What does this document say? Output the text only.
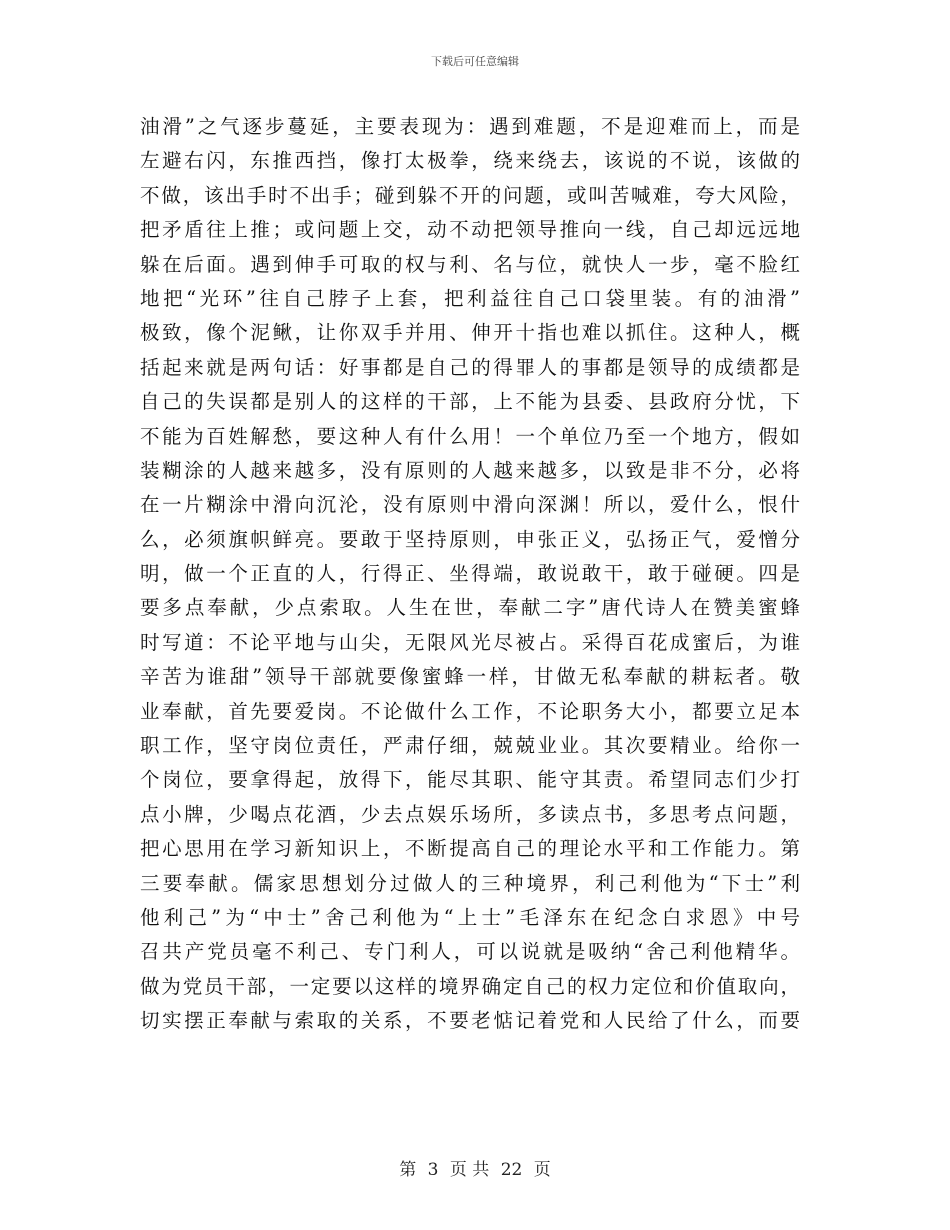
下载后可任意编辑
油滑”之气逐步蔓延，主要表现为：遇到难题，不是迎难而上，而是
左避右闪，东推西挡，像打太极拳，绕来绕去，该说的不说，该做的
不做，该出手时不出手；碰到躲不开的问题，或叫苦喊难，夸大风险，
把矛盾往上推；或问题上交，动不动把领导推向一线，自己却远远地
躲在后面。遇到伸手可取的权与利、名与位，就快人一步，毫不脸红
地把“光环”往自己脖子上套，把利益往自己口袋里装。有的油滑”
极致，像个泥鳅，让你双手并用、伸开十指也难以抓住。这种人，概
括起来就是两句话：好事都是自己的得罪人的事都是领导的成绩都是
自己的失误都是别人的这样的干部，上不能为县委、县政府分忧，下
不能为百姓解愁，要这种人有什么用！一个单位乃至一个地方，假如
装糊涂的人越来越多，没有原则的人越来越多，以致是非不分，必将
在一片糊涂中滑向沉沦，没有原则中滑向深渊！所以，爱什么，恨什
么，必须旗帜鲜亮。要敢于坚持原则，申张正义，弘扬正气，爱憎分
明，做一个正直的人，行得正、坐得端，敢说敢干，敢于碰硬。四是
要多点奉献，少点索取。人生在世，奉献二字”唐代诗人在赞美蜜蜂
时写道：不论平地与山尖，无限风光尽被占。采得百花成蜜后，为谁
辛苦为谁甜”领导干部就要像蜜蜂一样，甘做无私奉献的耕耘者。敬
业奉献，首先要爱岗。不论做什么工作，不论职务大小，都要立足本
职工作，坚守岗位责任，严肃仔细，兢兢业业。其次要精业。给你一
个岗位，要拿得起，放得下，能尽其职、能守其责。希望同志们少打
点小牌，少喝点花酒，少去点娱乐场所，多读点书，多思考点问题，
把心思用在学习新知识上，不断提高自己的理论水平和工作能力。第
三要奉献。儒家思想划分过做人的三种境界，利己利他为“下士”利
他利己”为“中士”舍己利他为“上士”毛泽东在纪念白求恩》中号
召共产党员毫不利己、专门利人，可以说就是吸纳“舍己利他精华。
做为党员干部，一定要以这样的境界确定自己的权力定位和价值取向，
切实摆正奉献与索取的关系，不要老惦记着党和人民给了什么，而要
第 3 页 共 22 页
